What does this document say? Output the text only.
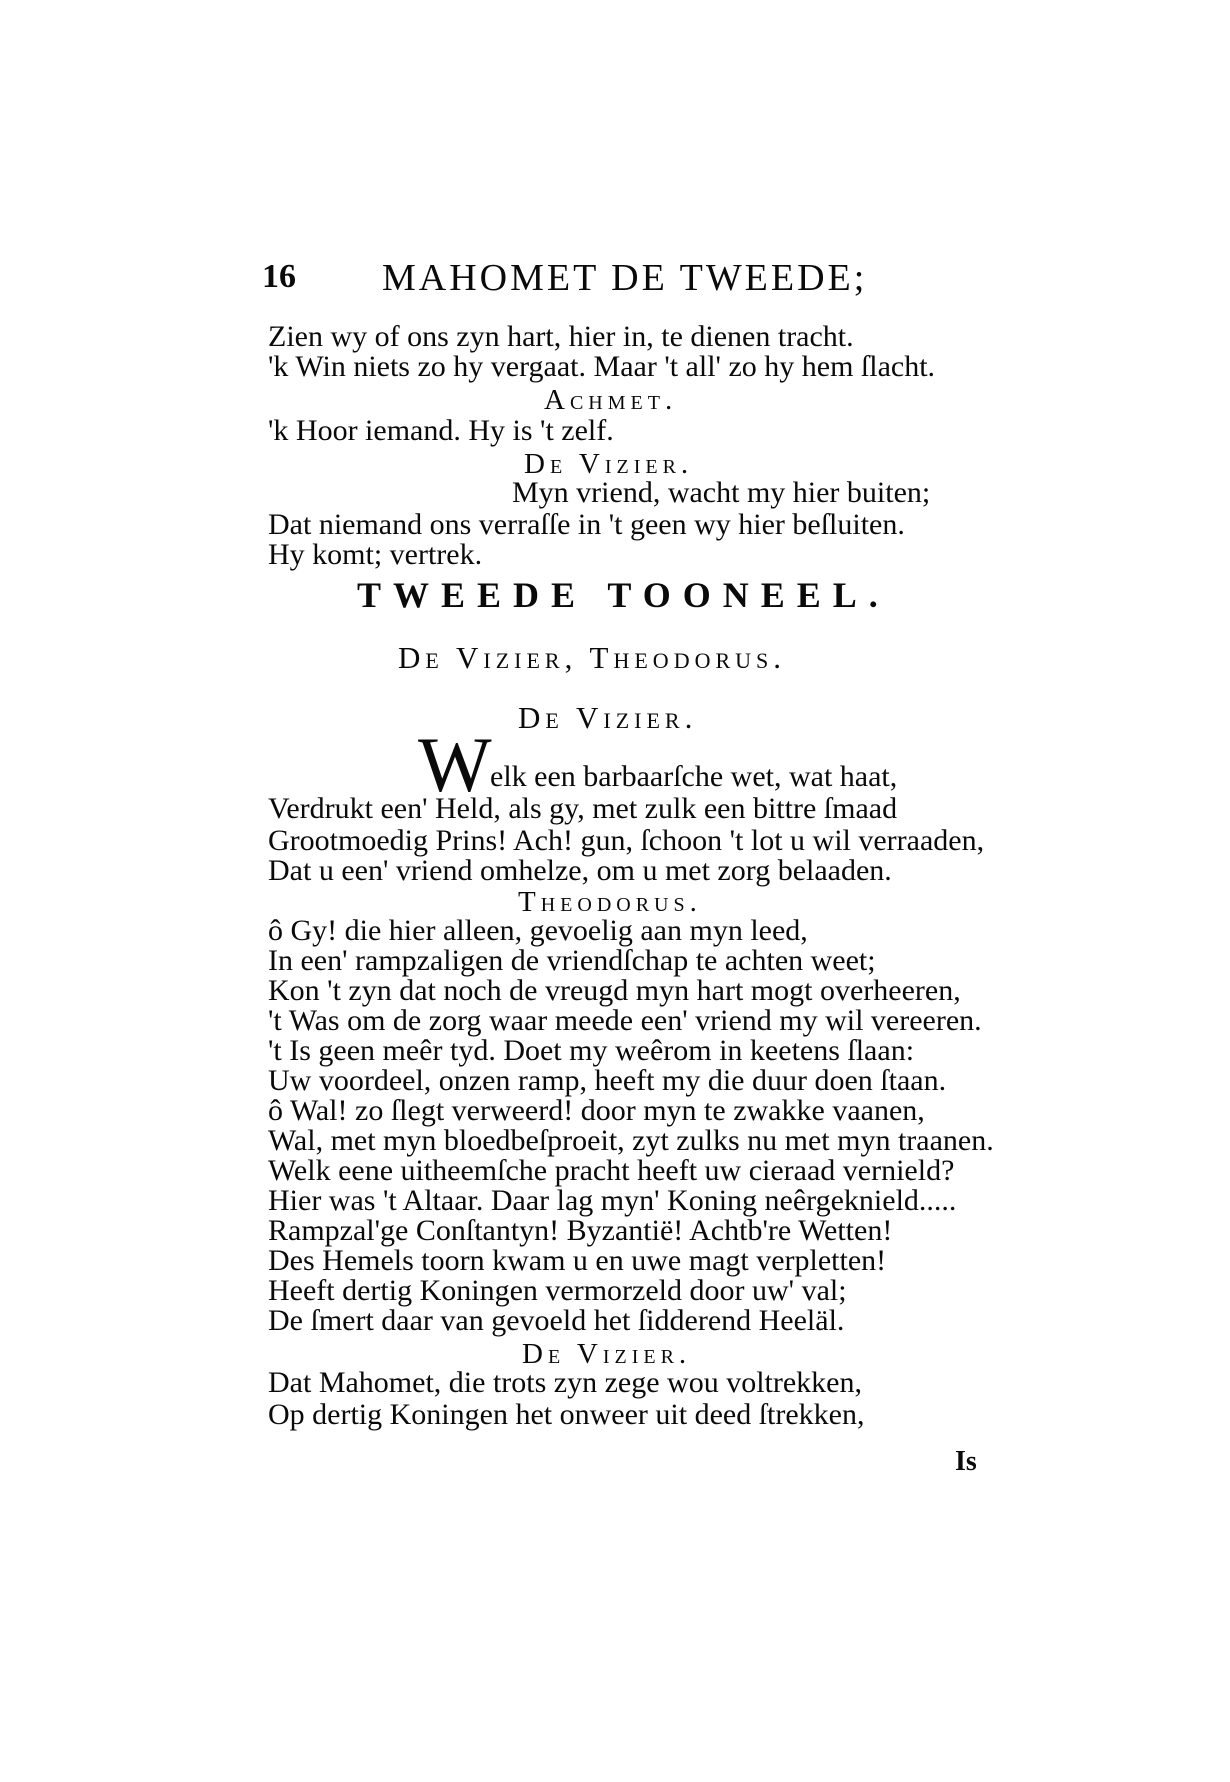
16 MAHOMET DE TWEEDE;
Zien wy of ons zyn hart, hier in, te dienen tracht.
'k Win niets zo hy vergaat. Maar 't all' zo hy hem ſlacht.
Achmet.
'k Hoor iemand. Hy is 't zelf.
De Vizier.
Myn vriend, wacht my hier buiten;
Dat niemand ons verraſſe in 't geen wy hier beſluiten.
Hy komt; vertrek.
TWEEDE TOONEEL.
De Vizier, Theodorus.
De Vizier.
W
elk een barbaarſche wet, wat haat,
Verdrukt een' Held, als gy, met zulk een bittre ſmaad
Grootmoedig Prins! Ach! gun, ſchoon 't lot u wil verraaden,
Dat u een' vriend omhelze, om u met zorg belaaden.
Theodorus.
ô Gy! die hier alleen, gevoelig aan myn leed,
In een' rampzaligen de vriendſchap te achten weet;
Kon 't zyn dat noch de vreugd myn hart mogt overheeren,
't Was om de zorg waar meede een' vriend my wil vereeren.
't Is geen meêr tyd. Doet my weêrom in keetens ſlaan:
Uw voordeel, onzen ramp, heeft my die duur doen ſtaan.
ô Wal! zo ſlegt verweerd! door myn te zwakke vaanen,
Wal, met myn bloedbeſproeit, zyt zulks nu met myn traanen.
Welk eene uitheemſche pracht heeft uw cieraad vernield?
Hier was 't Altaar. Daar lag myn' Koning neêrgeknield.....
Rampzal'ge Conſtantyn! Byzantië! Achtb're Wetten!
Des Hemels toorn kwam u en uwe magt verpletten!
Heeft dertig Koningen vermorzeld door uw' val;
De ſmert daar van gevoeld het ſidderend Heeläl.
De Vizier.
Dat Mahomet, die trots zyn zege wou voltrekken,
Op dertig Koningen het onweer uit deed ſtrekken,
Is
